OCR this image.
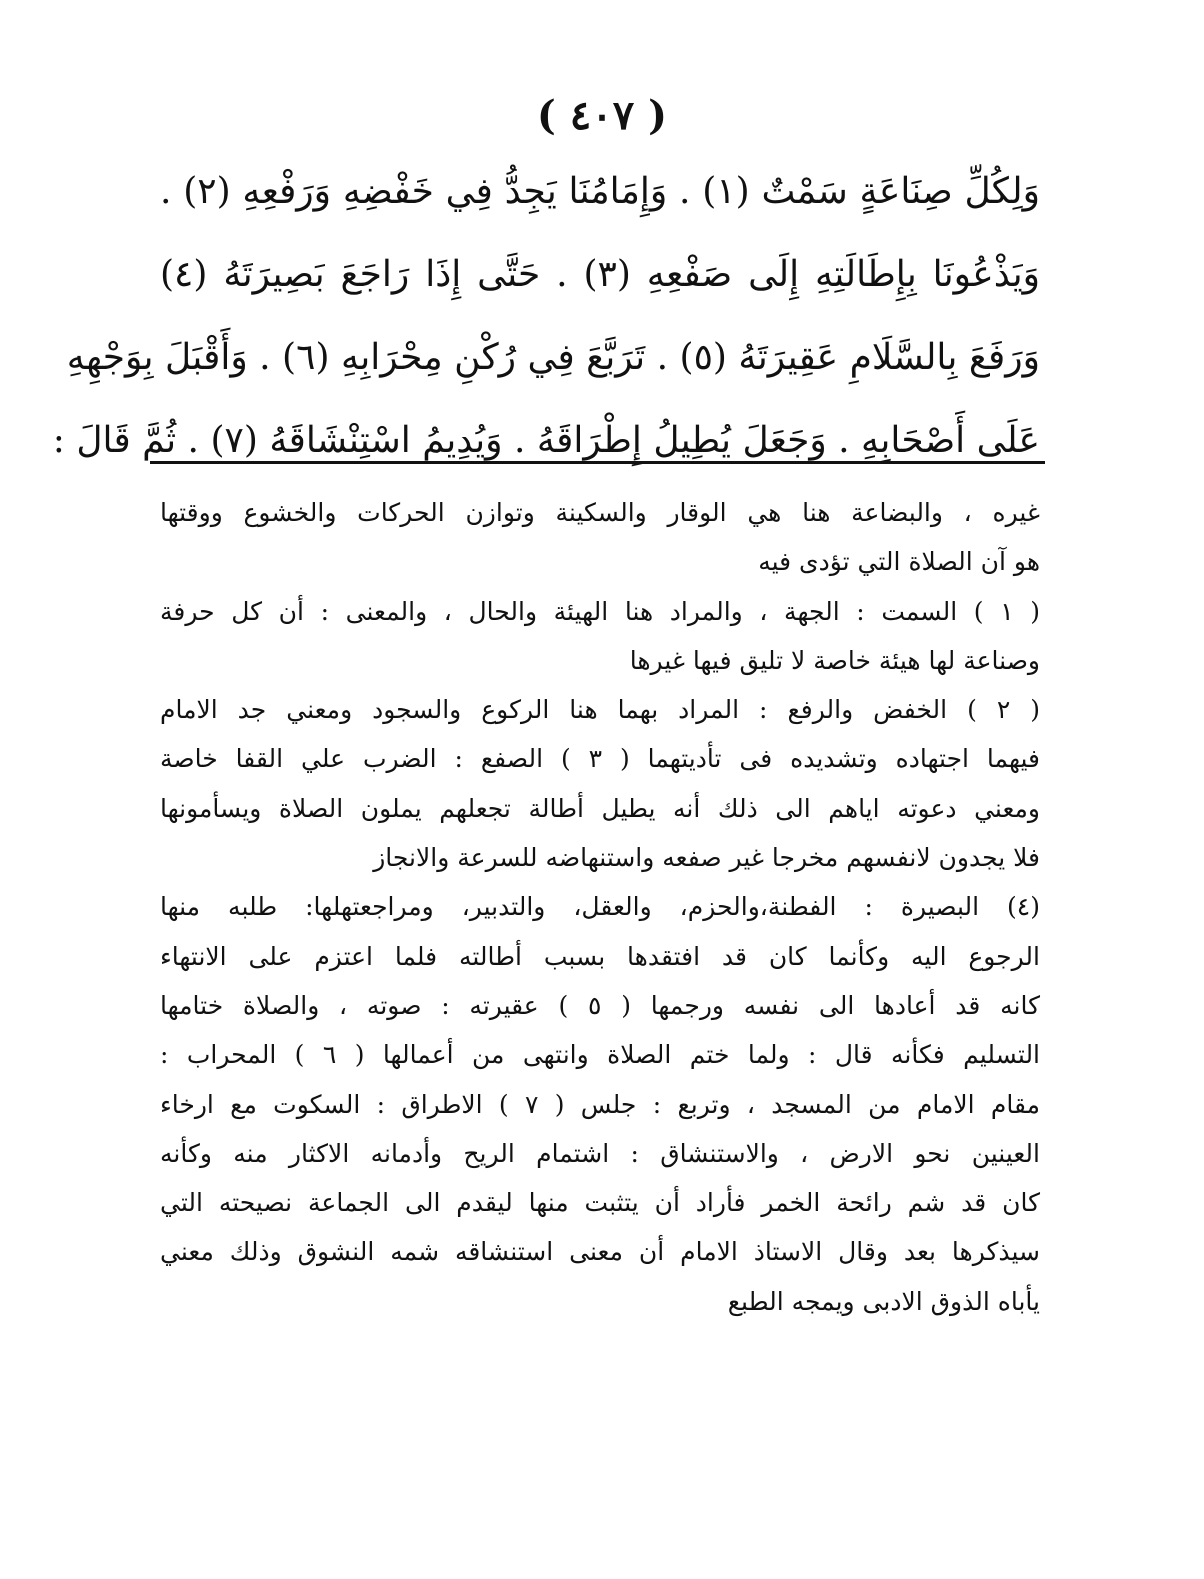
( ٤٠٧ )
وَلِكُلِّ صِنَاعَةٍ سَمْتٌ (١) . وَإِمَامُنَا يَجِدُّ فِي خَفْضِهِ وَرَفْعِهِ (٢) .
وَيَذْعُونَا بِإِطَالَتِهِ إِلَى صَفْعِهِ (٣) . حَتَّى إِذَا رَاجَعَ بَصِيرَتَهُ (٤)
وَرَفَعَ بِالسَّلَامِ عَقِيرَتَهُ (٥) . تَرَبَّعَ فِي رُكْنِ مِحْرَابِهِ (٦) . وَأَقْبَلَ بِوَجْهِهِ
عَلَى أَصْحَابِهِ . وَجَعَلَ يُطِيلُ إِطْرَاقَهُ . وَيُدِيمُ اسْتِنْشَاقَهُ (٧) . ثُمَّ قَالَ :
غيره ، والبضاعة هنا هي الوقار والسكينة وتوازن الحركات والخشوع ووقتها
هو آن الصلاة التي تؤدى فيه
( ١ ) السمت : الجهة ، والمراد هنا الهيئة والحال ، والمعنى : أن كل حرفة
وصناعة لها هيئة خاصة لا تليق فيها غيرها
( ٢ ) الخفض والرفع : المراد بهما هنا الركوع والسجود ومعني جد الامام
فيهما اجتهاده وتشديده فى تأديتهما ( ٣ ) الصفع : الضرب علي القفا خاصة
ومعني دعوته اياهم الى ذلك أنه يطيل أطالة تجعلهم يملون الصلاة ويسأمونها
فلا يجدون لانفسهم مخرجا غير صفعه واستنهاضه للسرعة والانجاز
(٤) البصيرة : الفطنة،والحزم، والعقل، والتدبير، ومراجعتهلها: طلبه منها
الرجوع اليه وكأنما كان قد افتقدها بسبب أطالته فلما اعتزم على الانتهاء
كانه قد أعادها الى نفسه ورجمها ( ٥ ) عقيرته : صوته ، والصلاة ختامها
التسليم فكأنه قال : ولما ختم الصلاة وانتهى من أعمالها ( ٦ ) المحراب :
مقام الامام من المسجد ، وتربع : جلس ( ٧ ) الاطراق : السكوت مع ارخاء
العينين نحو الارض ، والاستنشاق : اشتمام الريح وأدمانه الاكثار منه وكأنه
كان قد شم رائحة الخمر فأراد أن يتثبت منها ليقدم الى الجماعة نصيحته التي
سيذكرها بعد وقال الاستاذ الامام أن معنى استنشاقه شمه النشوق وذلك معني
يأباه الذوق الادبى ويمجه الطبع
